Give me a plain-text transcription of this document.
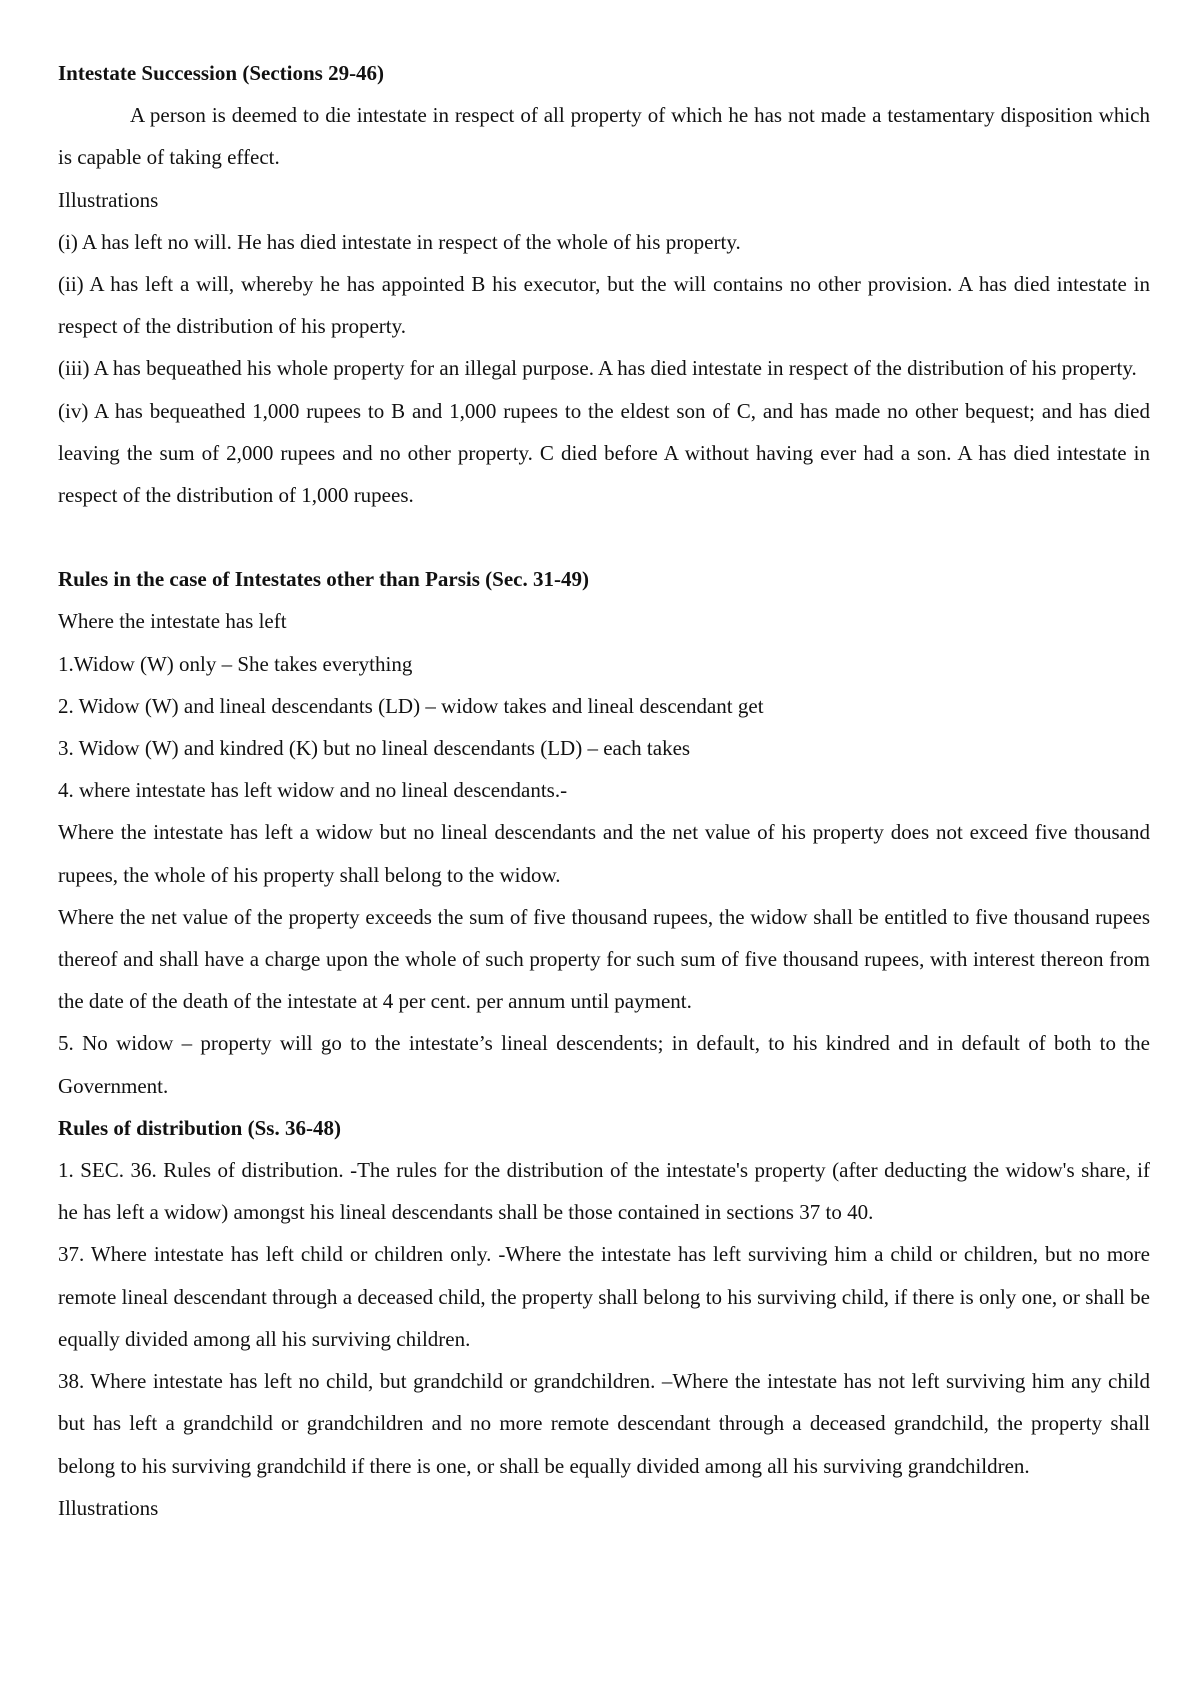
Intestate Succession (Sections 29-46)

A person is deemed to die intestate in respect of all property of which he has not made a testamentary disposition which is capable of taking effect.

Illustrations

(i) A has left no will. He has died intestate in respect of the whole of his property.

(ii) A has left a will, whereby he has appointed B his executor, but the will contains no other provision. A has died intestate in respect of the distribution of his property.

(iii) A has bequeathed his whole property for an illegal purpose. A has died intestate in respect of the distribution of his property.

(iv) A has bequeathed 1,000 rupees to B and 1,000 rupees to the eldest son of C, and has made no other bequest; and has died leaving the sum of 2,000 rupees and no other property. C died before A without having ever had a son. A has died intestate in respect of the distribution of 1,000 rupees.

Rules in the case of Intestates other than Parsis (Sec. 31-49)

Where the intestate has left

1.Widow (W) only – She takes everything

2. Widow (W) and lineal descendants (LD) – widow takes and lineal descendant get

3. Widow (W) and kindred (K) but no lineal descendants (LD) – each takes

4. where intestate has left widow and no lineal descendants.-

Where the intestate has left a widow but no lineal descendants and the net value of his property does not exceed five thousand rupees, the whole of his property shall belong to the widow.

Where the net value of the property exceeds the sum of five thousand rupees, the widow shall be entitled to five thousand rupees thereof and shall have a charge upon the whole of such property for such sum of five thousand rupees, with interest thereon from the date of the death of the intestate at 4 per cent. per annum until payment.

5. No widow – property will go to the intestate’s lineal descendents; in default, to his kindred and in default of both to the Government.

Rules of distribution (Ss. 36-48)

1. SEC. 36. Rules of distribution. -The rules for the distribution of the intestate's property (after deducting the widow's share, if he has left a widow) amongst his lineal descendants shall be those contained in sections 37 to 40.

37. Where intestate has left child or children only. -Where the intestate has left surviving him a child or children, but no more remote lineal descendant through a deceased child, the property shall belong to his surviving child, if there is only one, or shall be equally divided among all his surviving children.

38. Where intestate has left no child, but grandchild or grandchildren. –Where the intestate has not left surviving him any child but has left a grandchild or grandchildren and no more remote descendant through a deceased grandchild, the property shall belong to his surviving grandchild if there is one, or shall be equally divided among all his surviving grandchildren.

Illustrations
